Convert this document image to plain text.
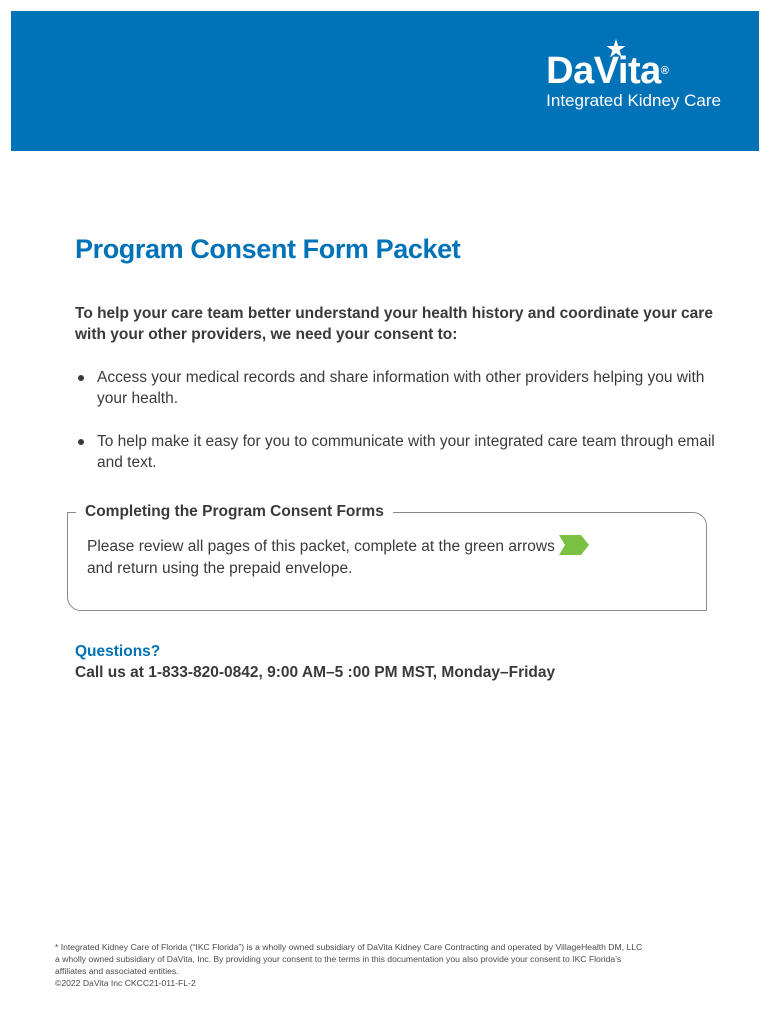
DaVita®
Integrated Kidney Care
Program Consent Form Packet

To help your care team better understand your health history and coordinate your care with your other providers, we need your consent to:

Access your medical records and share information with other providers helping you with your health.
To help make it easy for you to communicate with your integrated care team through email and text.
Completing the Program Consent Forms
Please review all pages of this packet, complete at the green arrows
and return using the prepaid envelope.

Questions?

Call us at 1-833-820-0842, 9:00 AM–5 :00 PM MST, Monday–Friday

* Integrated Kidney Care of Florida (“IKC Florida”) is a wholly owned subsidiary of DaVita Kidney Care Contracting and operated by VillageHealth DM, LLC
a wholly owned subsidiary of DaVita, Inc. By providing your consent to the terms in this documentation you also provide your consent to IKC Florida’s
affiliates and associated entities.
©2022 DaVita Inc CKCC21-011-FL-2
